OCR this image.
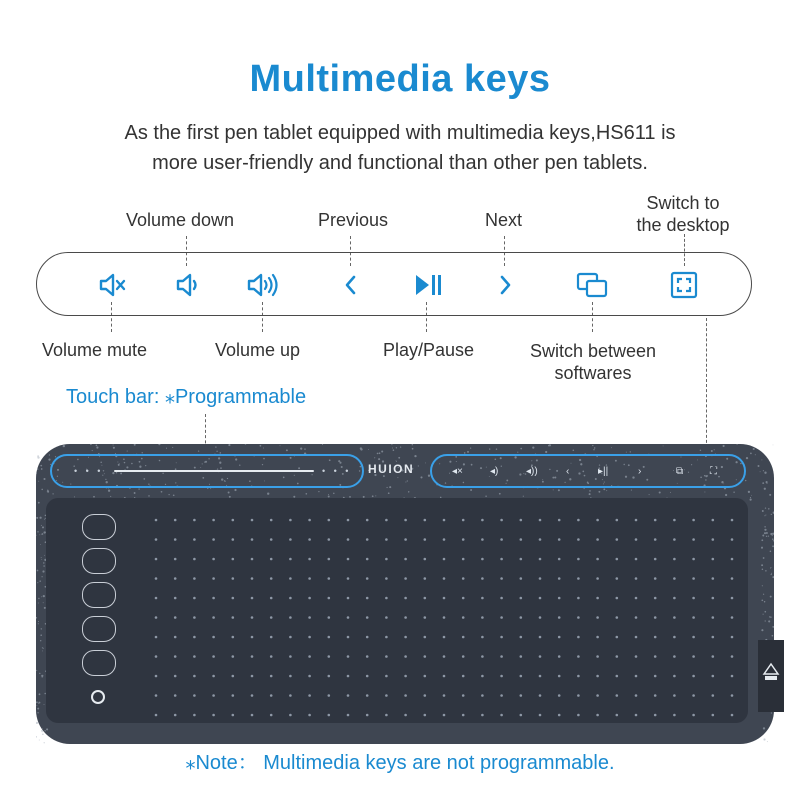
Multimedia keys
As the first pen tablet equipped with multimedia keys,HS611 is
more user-friendly and functional than other pen tablets.
Volume down	Previous	Next
Switch to
the desktop
Volume mute	Volume up	Play/Pause	Switch between
softwares
Touch bar: ⁎Programmable
• • •	• • • HUION	◂×	◂)	◂))	‹	▸||	›	⧉	⛶
⁎Note： Multimedia keys are not programmable.
